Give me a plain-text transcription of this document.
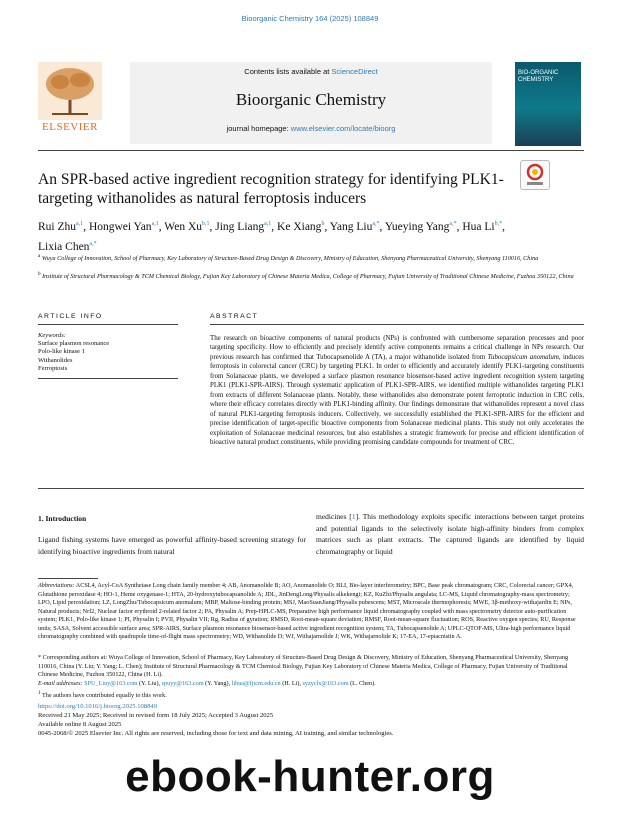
Bioorganic Chemistry 164 (2025) 108849
ELSEVIER
Contents lists available at ScienceDirect
Bioorganic Chemistry
journal homepage: www.elsevier.com/locate/bioorg
BIO-ORGANIC CHEMISTRY
An SPR-based active ingredient recognition strategy for identifying PLK1-targeting withanolides as natural ferroptosis inducers
Rui Zhu$^{a,1}$, Hongwei Yan$^{a,1}$, Wen Xu$^{b,1}$, Jing Liang$^{a,1}$, Ke Xiang$^b$, Yang Liu$^{a,*}$, Yueying Yang$^{a,*}$, Hua $Li^{b,*}$, Lixia Chen$^{a,*}$
$^a$ Wuya College of Innovation, School of Pharmacy, Key Laboratory of Structure-Based Drug Design & Discovery, Ministry of Education, Shenyang Pharmaceutical University, Shenyang 110016, China
$^b$ Institute of Structural Pharmacology & TCM Chemical Biology, Fujian Key Laboratory of Chinese Materia Medica, College of Pharmacy, Fujian University of Traditional Chinese Medicine, Fuzhou 350122, China
ARTICLE INFO
Keywords:
Surface plasmon resonance
Polo-like kinase 1
Withanolides
Ferroptosis
ABSTRACT
The research on bioactive components of natural products (NPs) is confronted with cumbersome separation processes and poor targeting specificity. How to efficiently and precisely identify active components remains a critical challenge in NPs research. Our previous research has confirmed that Tubocapsenolide A (TA), a major withanolide isolated from Tubocapsicum anomalum, induces ferroptosis in colorectal cancer (CRC) by targeting PLK1. In order to efficiently and accurately identify PLK1-targeting constituents from Solanaceae plants, we developed a surface plasmon resonance biosensor-based active ingredient recognition system targeting PLK1 (PLK1-SPR-AIRS). Through systematic application of PLK1-SPR-AIRS, we identified multiple withanolides targeting PLK1 from extracts of different Solanaceae plants. Notably, these withanolides also demonstrate potent ferroptotic induction in CRC cells, where their efficacy correlates directly with PLK1-binding affinity. Our findings demonstrate that withanolides represent a novel class of natural PLK1-targeting ferroptosis inducers. Collectively, we successfully established the PLK1-SPR-AIRS for the efficient and precise identification of target-specific bioactive components from Solanaceae medicinal plants. This study not only accelerates the exploitation of Solanaceae medicinal resources, but also establishes a strategic framework for precise and efficient identification of bioactive natural product constituents, while providing promising candidate compounds for treatment of CRC.
1. Introduction
Ligand fishing systems have emerged as powerful affinity-based screening strategy for identifying bioactive ingredients from natural
medicines [1]. This methodology exploits specific interactions between target proteins and potential ligands to the selectively isolate high-affinity binders from complex matrices such as plant extracts. The captured ligands are identified by liquid chromatography or liquid
Abbreviations: ACSL4, Acyl-CoA Synthetase Long chain family member 4; AB, Anomanolide B; AO, Anomanolide O; BLI, Bio-layer interferometry; BPC, Base peak chromatogram; CRC, Colorectal cancer; GPX4, Glutathione peroxidase 4; HO-1, Heme oxygenase-1; HTA, 20-hydroxytubocapsanolide A; JDL, JinDengLong/Physalis alkekengi; KZ, KuZhi/Physalis angulata; LC-MS, Liquid chromatography-mass spectrometry; LPO, Lipid peroxidation; LZ, LongZhu/Tubocapsicum anomalum; MBP, Maltose-binding protein; MSJ, MaoSuanJiang/Physalis pubescens; MST, Microscale thermophoresis; MWE, 3β-methoxy-withajardin E; NPs, Natural products; Nrf2, Nuclear factor erythroid 2-related factor 2; PA, Physalin A; Prep-HPLC-MS, Preparative high performance liquid chromatography coupled with mass spectrometry detector auto-purification system; PLK1, Polo-like kinase 1; PI, Physalin I; PVII, Physalin VII; Rg, Radius of gyration; RMSD, Root-mean-square deviation; RMSF, Root-mean-square fluctuation; ROS, Reactive oxygen species; RU, Response units; SASA, Solvent accessible surface area; SPR-AIRS, Surface plasmon resonance biosensor-based active ingredient recognition system; TA, Tubocapsenolide A; UPLC-QTOF-MS, Ultra-high performance liquid chromatography combined with quadrupole time-of-flight mass spectrometry; WD, Withanolide D; WJ, Withajarnolide J; WK, Withajarnolide K; 17-EA, 17-epiacnistin A.
* Corresponding authors at: Wuya College of Innovation, School of Pharmacy, Key Laboratory of Structure-Based Drug Design & Discovery, Ministry of Education, Shenyang Pharmaceutical University, Shenyang 110016, China (Y. Liu; Y. Yang; L. Chen); Institute of Structural Pharmacology & TCM Chemical Biology, Fujian Key Laboratory of Chinese Materia Medica, College of Pharmacy, Fujian University of Traditional Chinese Medicine, Fuzhou 350122, China (H. Li).
E-mail addresses: SPU_Liuy@163.com (Y. Liu), spuyy@163.com (Y. Yang), lihua@fjtcm.edu.cn (H. Li), syzyclx@163.com (L. Chen).
$^1$ The authors have contributed equally to this work.
https://doi.org/10.1016/j.bioorg.2025.108849
Received 21 May 2025; Received in revised form 18 July 2025; Accepted 3 August 2025
Available online 8 August 2025
0045-2068/© 2025 Elsevier Inc. All rights are reserved, including those for text and data mining, AI training, and similar technologies.
ebook-hunter.org
